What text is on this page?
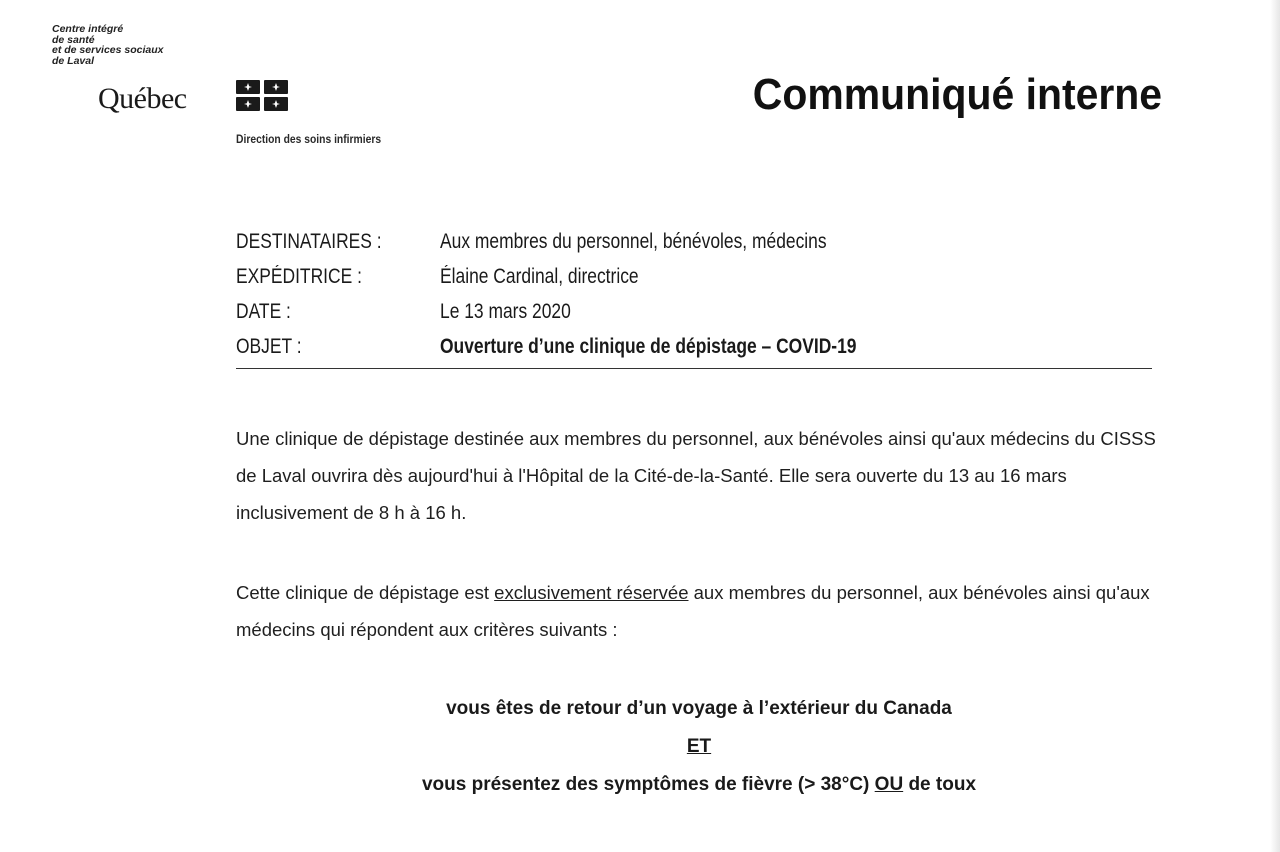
Centre intégré
de santé
et de services sociaux
de Laval
Québec
Direction des soins infirmiers
Communiqué interne
DESTINATAIRES :	Aux membres du personnel, bénévoles, médecins
EXPÉDITRICE :	Élaine Cardinal, directrice
DATE :	Le 13 mars 2020
OBJET :	Ouverture d’une clinique de dépistage – COVID-19
Une clinique de dépistage destinée aux membres du personnel, aux bénévoles ainsi qu'aux médecins du CISSS de Laval ouvrira dès aujourd'hui à l'Hôpital de la Cité-de-la-Santé. Elle sera ouverte du 13 au 16 mars inclusivement de 8 h à 16 h.
Cette clinique de dépistage est exclusivement réservée aux membres du personnel, aux bénévoles ainsi qu'aux médecins qui répondent aux critères suivants :
vous êtes de retour d’un voyage à l’extérieur du Canada
ET
vous présentez des symptômes de fièvre (> 38°C) OU de toux
